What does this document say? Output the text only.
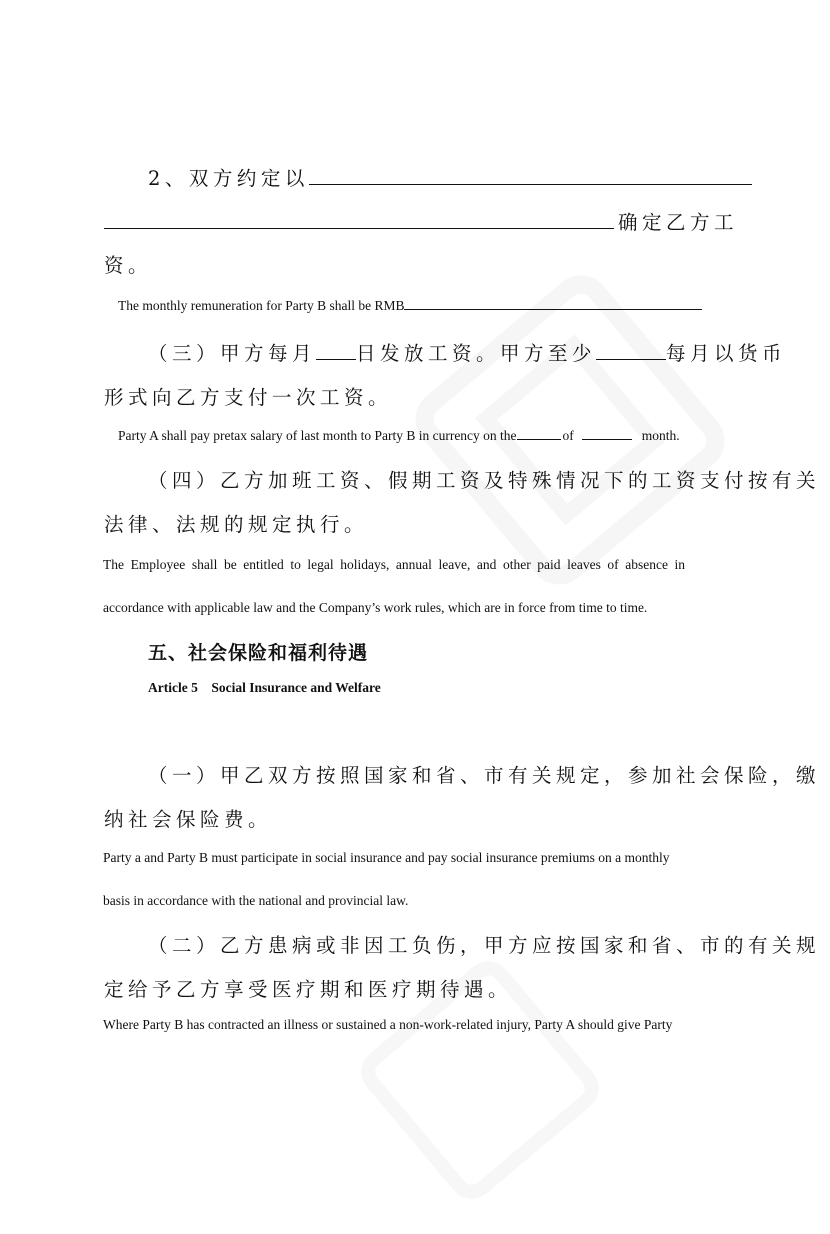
2、双方约定以
确定乙方工
资。
The monthly remuneration for Party B shall be RMB
（三）甲方每月 日发放工资。甲方至少	每月以货币
形式向乙方支付一次工资。
Party A shall pay pretax salary of last month to Party B in currency on the	of	month.
（四）乙方加班工资、假期工资及特殊情况下的工资支付按有关
法律、法规的规定执行。
The Employee shall be entitled to legal holidays, annual leave, and other paid leaves of absence in
accordance with applicable law and the Company’s work rules, which are in force from time to time.
五、社会保险和福利待遇
Article 5    Social Insurance and Welfare
（一）甲乙双方按照国家和省、市有关规定，参加社会保险，缴
纳社会保险费。
Party a and Party B must participate in social insurance and pay social insurance premiums on a monthly
basis in accordance with the national and provincial law.
（二）乙方患病或非因工负伤，甲方应按国家和省、市的有关规
定给予乙方享受医疗期和医疗期待遇。
Where Party B has contracted an illness or sustained a non-work-related injury, Party A should give Party
